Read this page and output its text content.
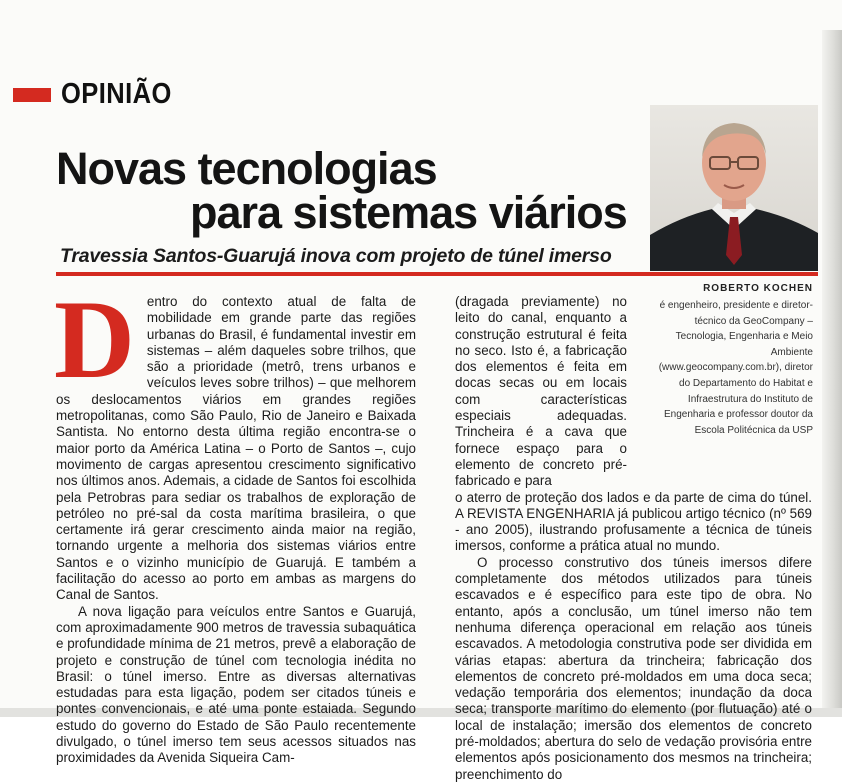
OPINIÃO
Novas tecnologias
para sistemas viários
Travessia Santos-Guarujá inova com projeto de túnel imerso
ROBERTO KOCHEN
é engenheiro, presidente e diretor-técnico da GeoCompany – Tecnologia, Engenharia e Meio Ambiente (www.geocompany.com.br), diretor do Departamento do Habitat e Infraestrutura do Instituto de Engenharia e professor doutor da Escola Politécnica da USP

Dentro do contexto atual de falta de mobilidade em grande parte das regiões urbanas do Brasil, é fundamental investir em sistemas – além daqueles sobre trilhos, que são a prioridade (metrô, trens urbanos e veículos leves sobre trilhos) – que melhorem os deslocamentos viários em grandes regiões metropolitanas, como São Paulo, Rio de Janeiro e Baixada Santista. No entorno desta última região encontra-se o maior porto da América Latina – o Porto de Santos –, cujo movimento de cargas apresentou crescimento significativo nos últimos anos. Ademais, a cidade de Santos foi escolhida pela Petrobras para sediar os trabalhos de exploração de petróleo no pré-sal da costa marítima brasileira, o que certamente irá gerar crescimento ainda maior na região, tornando urgente a melhoria dos sistemas viários entre Santos e o vizinho município de Guarujá. E também a facilitação do acesso ao porto em ambas as margens do Canal de Santos.

A nova ligação para veículos entre Santos e Guarujá, com aproximadamente 900 metros de travessia subaquática e profundidade mínima de 21 metros, prevê a elaboração de projeto e construção de túnel com tecnologia inédita no Brasil: o túnel imerso. Entre as diversas alternativas estudadas para esta ligação, podem ser citados túneis e pontes convencionais, e até uma ponte estaiada. Segundo estudo do governo do Estado de São Paulo recentemente divulgado, o túnel imerso tem seus acessos situados nas proximidades da Avenida Siqueira Cam-

(dragada previamente) no leito do canal, enquanto a construção estrutural é feita no seco. Isto é, a fabricação dos elementos é feita em docas secas ou em locais com características especiais adequadas. Trincheira é a cava que fornece espaço para o elemento de concreto pré-fabricado e para

o aterro de proteção dos lados e da parte de cima do túnel. A REVISTA ENGENHARIA já publicou artigo técnico (nº 569 - ano 2005), ilustrando profusamente a técnica de túneis imersos, conforme a prática atual no mundo.

O processo construtivo dos túneis imersos difere completamente dos métodos utilizados para túneis escavados e é específico para este tipo de obra. No entanto, após a conclusão, um túnel imerso não tem nenhuma diferença operacional em relação aos túneis escavados. A metodologia construtiva pode ser dividida em várias etapas: abertura da trincheira; fabricação dos elementos de concreto pré-moldados em uma doca seca; vedação temporária dos elementos; inundação da doca seca; transporte marítimo do elemento (por flutuação) até o local de instalação; imersão dos elementos de concreto pré-moldados; abertura do selo de vedação provisória entre elementos após posicionamento dos mesmos na trincheira; preenchimento do
